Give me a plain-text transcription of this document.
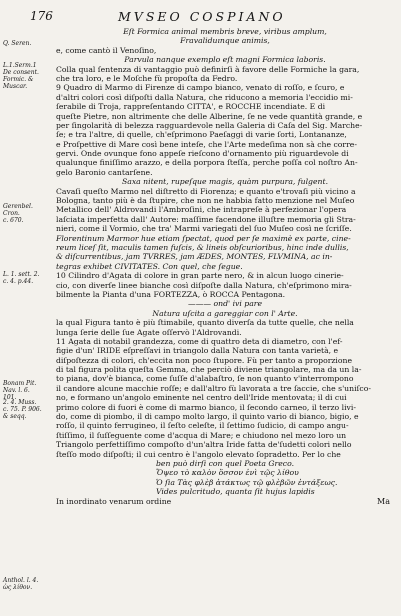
176	MVSEO COSPIANO
Q. Seren.
L.1.Serm.1
De consent.
Formic. &
Muscar.
Gerenbel.
Cron.
c. 670.
L. 1. sett. 2.
c. 4. p.44.
Bonam Pit.
Nav. l. 6.
101.
2. 4. Muss.
c. 75. P. 906.
& seqq.
Anthol. l. 4.
ὡς λίθον.
Eſt Formica animal membris breve, viribus amplum,
Fravaliduınque animis,
e, come cantò il Venoſino,
Parvula nanque exemplo eſt magni Formica laboris.
Colla qual ſentenza di vantaggio può definirſi à favore delle Formiche la gara,
che tra loro, e le Moſche fù propoſta da Fedro.
9 Quadro di Marmo di Firenze di campo bianco, venato di roſſo, e ſcuro, e
d'altri colori così diſpoſti dalla Natura, che riducono a memoria l'eccidio mi-
ſerabile di Troja, rappreſentando CITTA', e ROCCHE incendiate. E di
queſte Pietre, non altrimente che delle Alberine, ſe ne vede quantità grande, e
per ſingolarità di belezza ragguardevole nella Galeria di Caſa del Sig. Marche-
ſe; e tra l'altre, di quelle, ch'eſprimono Paeſaggi di varie ſorti, Lontananze,
e Proſpettive di Mare così bene inteſe, che l'Arte medeſima non sà che corre-
gervi. Onde ovunque fono appeſe rieſcono d'ornamento più riguardevole di
qualunque finiſſimo arazzo, e della porpora ſteſſa, perche poſſa col noſtro An-
gelo Baronio cantarſene.
Saxa nitent, rupeſque magis, quàm purpura, fulgent.
Cavaſi queſto Marmo nel diſtretto di Fiorenza; e quanto e'trovaſi più vicino a
Bologna, tanto più è da ſtupire, che non ne habbia fatto menzione nel Muſeo
Metallico dell' Aldrovandi l'Ambroſini, che intrapreſe à perfezionar l'opera
laſciata imperfetta dall' Autore: maſſime facendone illuſtre memoria gli Stra-
nieri, come il Vormio, che tra' Marmi variegati del ſuo Muſeo così ne ſcriſſe.
Florentinum Marmor hue etiam ſpectat, quod per ſe maximè ex parte, cine-
reum liceſ ſit, maculis tamen fuſcis, & lineis obſcurioribus, hinc inde dullis,
& diſcurrentibus, jam TVRRES, jam ÆDES, MONTES, FLVMINA, ac in-
tegras exhibet CIVITATES. Con quel, che ſegue.
10 Cilindro d'Agata di colore in gran parte nero, & in alcun luogo cinerie-
cio, con diverſe linee bianche così diſpoſte dalla Natura, ch'eſprimono mira-
bilmente la Pianta d'una FORTEZZA, ò ROCCA Pentagona.
——— ond' ivi pare
Natura uſcita a gareggiar con l' Arte.
la qual Figura tanto è più ſtimabile, quanto diverſa da tutte quelle, che nella
lunga ſerie delle ſue Agate oſſervò l'Aldrovandi.
11 Agata di notabil grandezza, come di quattro deta di diametro, con l'ef-
figie d'un' IRIDE eſpreſſavi in triangolo dalla Natura con tanta varietà, e
diſpoſtezza di colori, ch'eccita non poco ſtupore. Fù per tanto a proporzione
di tal figura polita queſta Gemma, che perciò diviene triangolare, ma da un la-
to piana, dov'è bianca, come ſuſſe d'alabaſtro, ſe non quanto v'interrompono
il candore alcune macchie roſſe; e dall'altro fù lavorata a tre ſaccie, che s'uniſco-
no, e formano un'angolo eminente nel centro dell'Iride mentovata; il di cui
primo colore di fuori è come di marmo bianco, il ſecondo carneo, il terzo livi-
do, come di piombo, il di campo molto largo, il quinto vario di bianco, bigio, e
roſſo, il quinto ferrugineo, il ſeſto celeſte, il ſettimo ſudicio, di campo angu-
ſtiſſimo, il ſuſſeguente come d'acqua di Mare; e chiudono nel mezo loro un
Triangolo perfettiſſimo compoſto d'un'altra Iride fatta de'ſudetti colori nello
ſteſſo modo diſpoſti; il cui centro è l'angolo elevato ſopradetto. Per lo che
ben può dirſi con quel Poeta Greco.
Ὄψεο τὸ καλὸν ὅσσον ἐνὶ τῷς λίθου
Ὁ ſia Τὰς φλὲβ ἀτάκτως τῷ φλὲβῶν ἐντάξεως.
Vides pulcritudo, quanta ſit hujus lapidis
In inordinato venarum ordine	Ma
